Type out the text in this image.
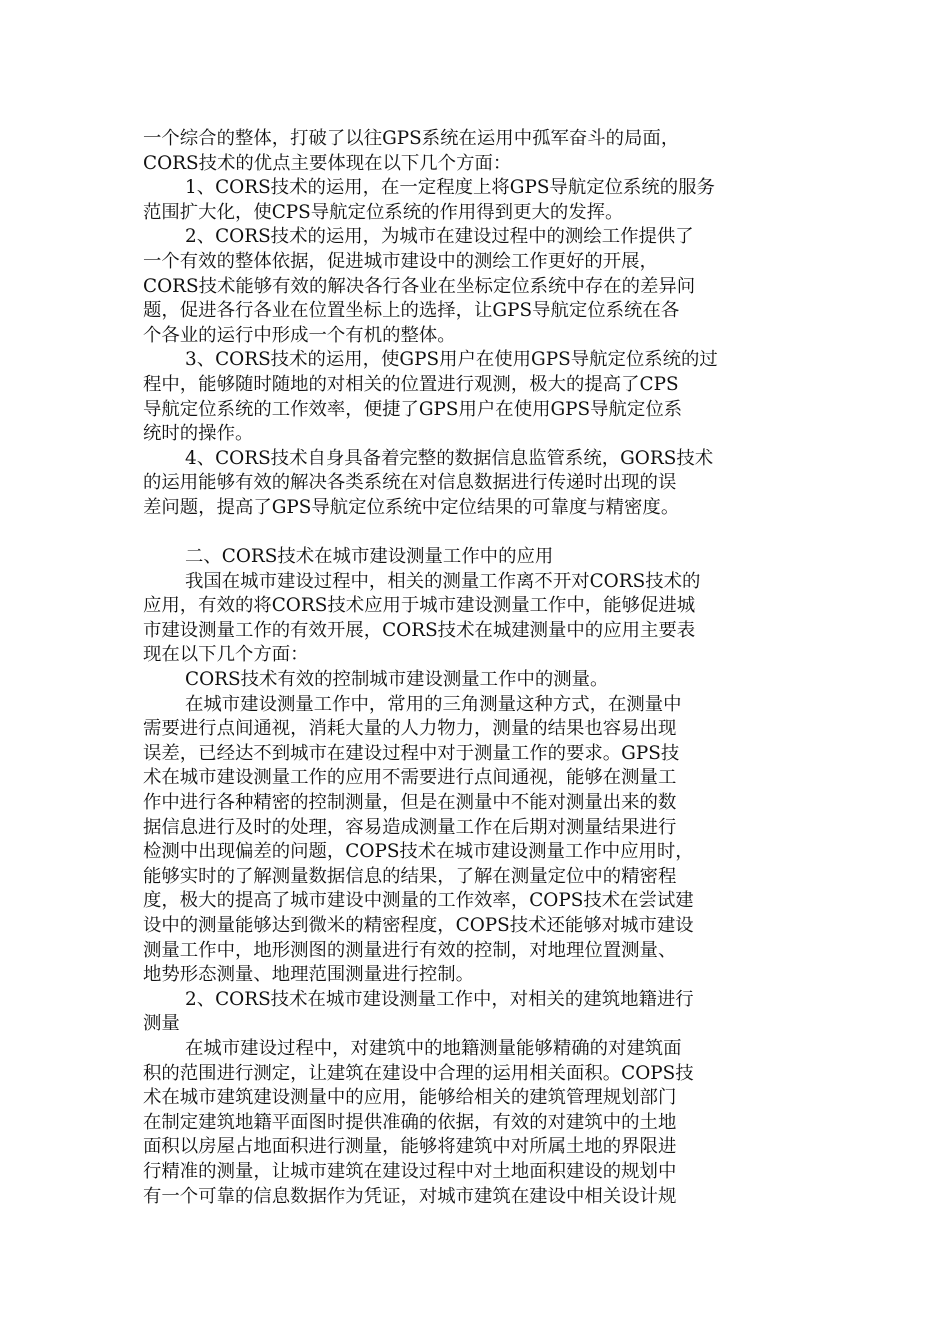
一个综合的整体，打破了以往GPS系统在运用中孤军奋斗的局面，
CORS技术的优点主要体现在以下几个方面：
1、CORS技术的运用，在一定程度上将GPS导航定位系统的服务
范围扩大化，使CPS导航定位系统的作用得到更大的发挥。
2、CORS技术的运用，为城市在建设过程中的测绘工作提供了
一个有效的整体依据，促进城市建设中的测绘工作更好的开展，
CORS技术能够有效的解决各行各业在坐标定位系统中存在的差异问
题，促进各行各业在位置坐标上的选择，让GPS导航定位系统在各
个各业的运行中形成一个有机的整体。
3、CORS技术的运用，使GPS用户在使用GPS导航定位系统的过
程中，能够随时随地的对相关的位置进行观测，极大的提高了CPS
导航定位系统的工作效率，便捷了GPS用户在使用GPS导航定位系
统时的操作。
4、CORS技术自身具备着完整的数据信息监管系统，GORS技术
的运用能够有效的解决各类系统在对信息数据进行传递时出现的误
差问题，提高了GPS导航定位系统中定位结果的可靠度与精密度。
二、CORS技术在城市建设测量工作中的应用
我国在城市建设过程中，相关的测量工作离不开对CORS技术的
应用，有效的将CORS技术应用于城市建设测量工作中，能够促进城
市建设测量工作的有效开展，CORS技术在城建测量中的应用主要表
现在以下几个方面：
CORS技术有效的控制城市建设测量工作中的测量。
在城市建设测量工作中，常用的三角测量这种方式，在测量中
需要进行点间通视，消耗大量的人力物力，测量的结果也容易出现
误差，已经达不到城市在建设过程中对于测量工作的要求。GPS技
术在城市建设测量工作的应用不需要进行点间通视，能够在测量工
作中进行各种精密的控制测量，但是在测量中不能对测量出来的数
据信息进行及时的处理，容易造成测量工作在后期对测量结果进行
检测中出现偏差的问题，COPS技术在城市建设测量工作中应用时，
能够实时的了解测量数据信息的结果，了解在测量定位中的精密程
度，极大的提高了城市建设中测量的工作效率，COPS技术在尝试建
设中的测量能够达到微米的精密程度，COPS技术还能够对城市建设
测量工作中，地形测图的测量进行有效的控制，对地理位置测量、
地势形态测量、地理范围测量进行控制。
2、CORS技术在城市建设测量工作中，对相关的建筑地籍进行
测量
在城市建设过程中，对建筑中的地籍测量能够精确的对建筑面
积的范围进行测定，让建筑在建设中合理的运用相关面积。COPS技
术在城市建筑建设测量中的应用，能够给相关的建筑管理规划部门
在制定建筑地籍平面图时提供准确的依据，有效的对建筑中的土地
面积以房屋占地面积进行测量，能够将建筑中对所属土地的界限进
行精准的测量，让城市建筑在建设过程中对土地面积建设的规划中
有一个可靠的信息数据作为凭证，对城市建筑在建设中相关设计规
